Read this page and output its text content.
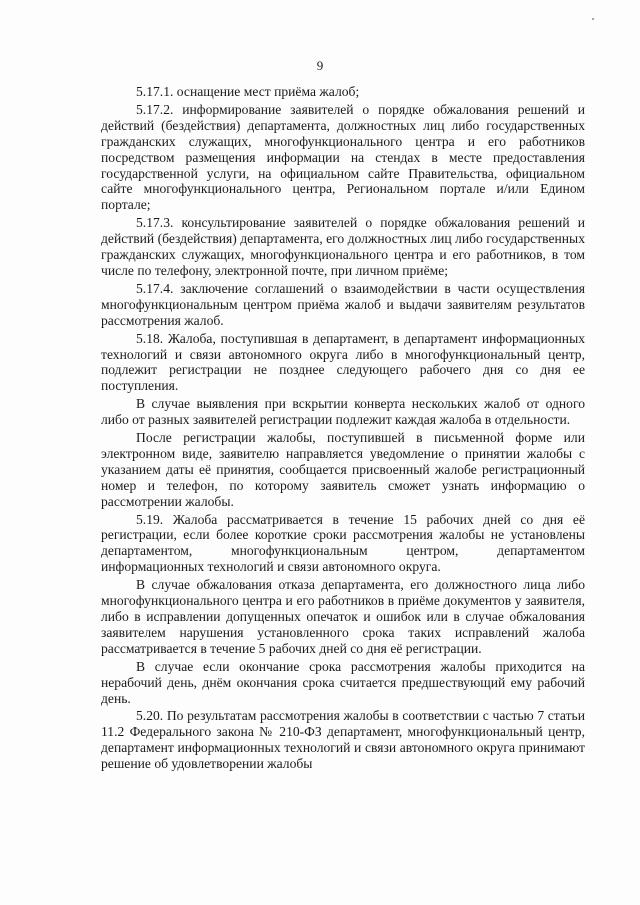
9

5.17.1. оснащение мест приёма жалоб;

5.17.2. информирование заявителей о порядке обжалования решений и действий (бездействия) департамента, должностных лиц либо государственных гражданских служащих, многофункционального центра и его работников посредством размещения информации на стендах в месте предоставления государственной услуги, на официальном сайте Правительства, официальном сайте многофункционального центра, Региональном портале и/или Едином портале;

5.17.3. консультирование заявителей о порядке обжалования решений и действий (бездействия) департамента, его должностных лиц либо государственных гражданских служащих, многофункционального центра и его работников, в том числе по телефону, электронной почте, при личном приёме;

5.17.4. заключение соглашений о взаимодействии в части осуществления многофункциональным центром приёма жалоб и выдачи заявителям результатов рассмотрения жалоб.

5.18. Жалоба, поступившая в департамент, в департамент информационных технологий и связи автономного округа либо в многофункциональный центр, подлежит регистрации не позднее следующего рабочего дня со дня ее поступления.

В случае выявления при вскрытии конверта нескольких жалоб от одного либо от разных заявителей регистрации подлежит каждая жалоба в отдельности.

После регистрации жалобы, поступившей в письменной форме или электронном виде, заявителю направляется уведомление о принятии жалобы с указанием даты её принятия, сообщается присвоенный жалобе регистрационный номер и телефон, по которому заявитель сможет узнать информацию о рассмотрении жалобы.

5.19. Жалоба рассматривается в течение 15 рабочих дней со дня её регистрации, если более короткие сроки рассмотрения жалобы не установлены департаментом, многофункциональным центром, департаментом информационных технологий и связи автономного округа.

В случае обжалования отказа департамента, его должностного лица либо многофункционального центра и его работников в приёме документов у заявителя, либо в исправлении допущенных опечаток и ошибок или в случае обжалования заявителем нарушения установленного срока таких исправлений жалоба рассматривается в течение 5 рабочих дней со дня её регистрации.

В случае если окончание срока рассмотрения жалобы приходится на нерабочий день, днём окончания срока считается предшествующий ему рабочий день.

5.20. По результатам рассмотрения жалобы в соответствии с частью 7 статьи 11.2 Федерального закона № 210-ФЗ департамент, многофункциональный центр, департамент информационных технологий и связи автономного округа принимают решение об удовлетворении жалобы
